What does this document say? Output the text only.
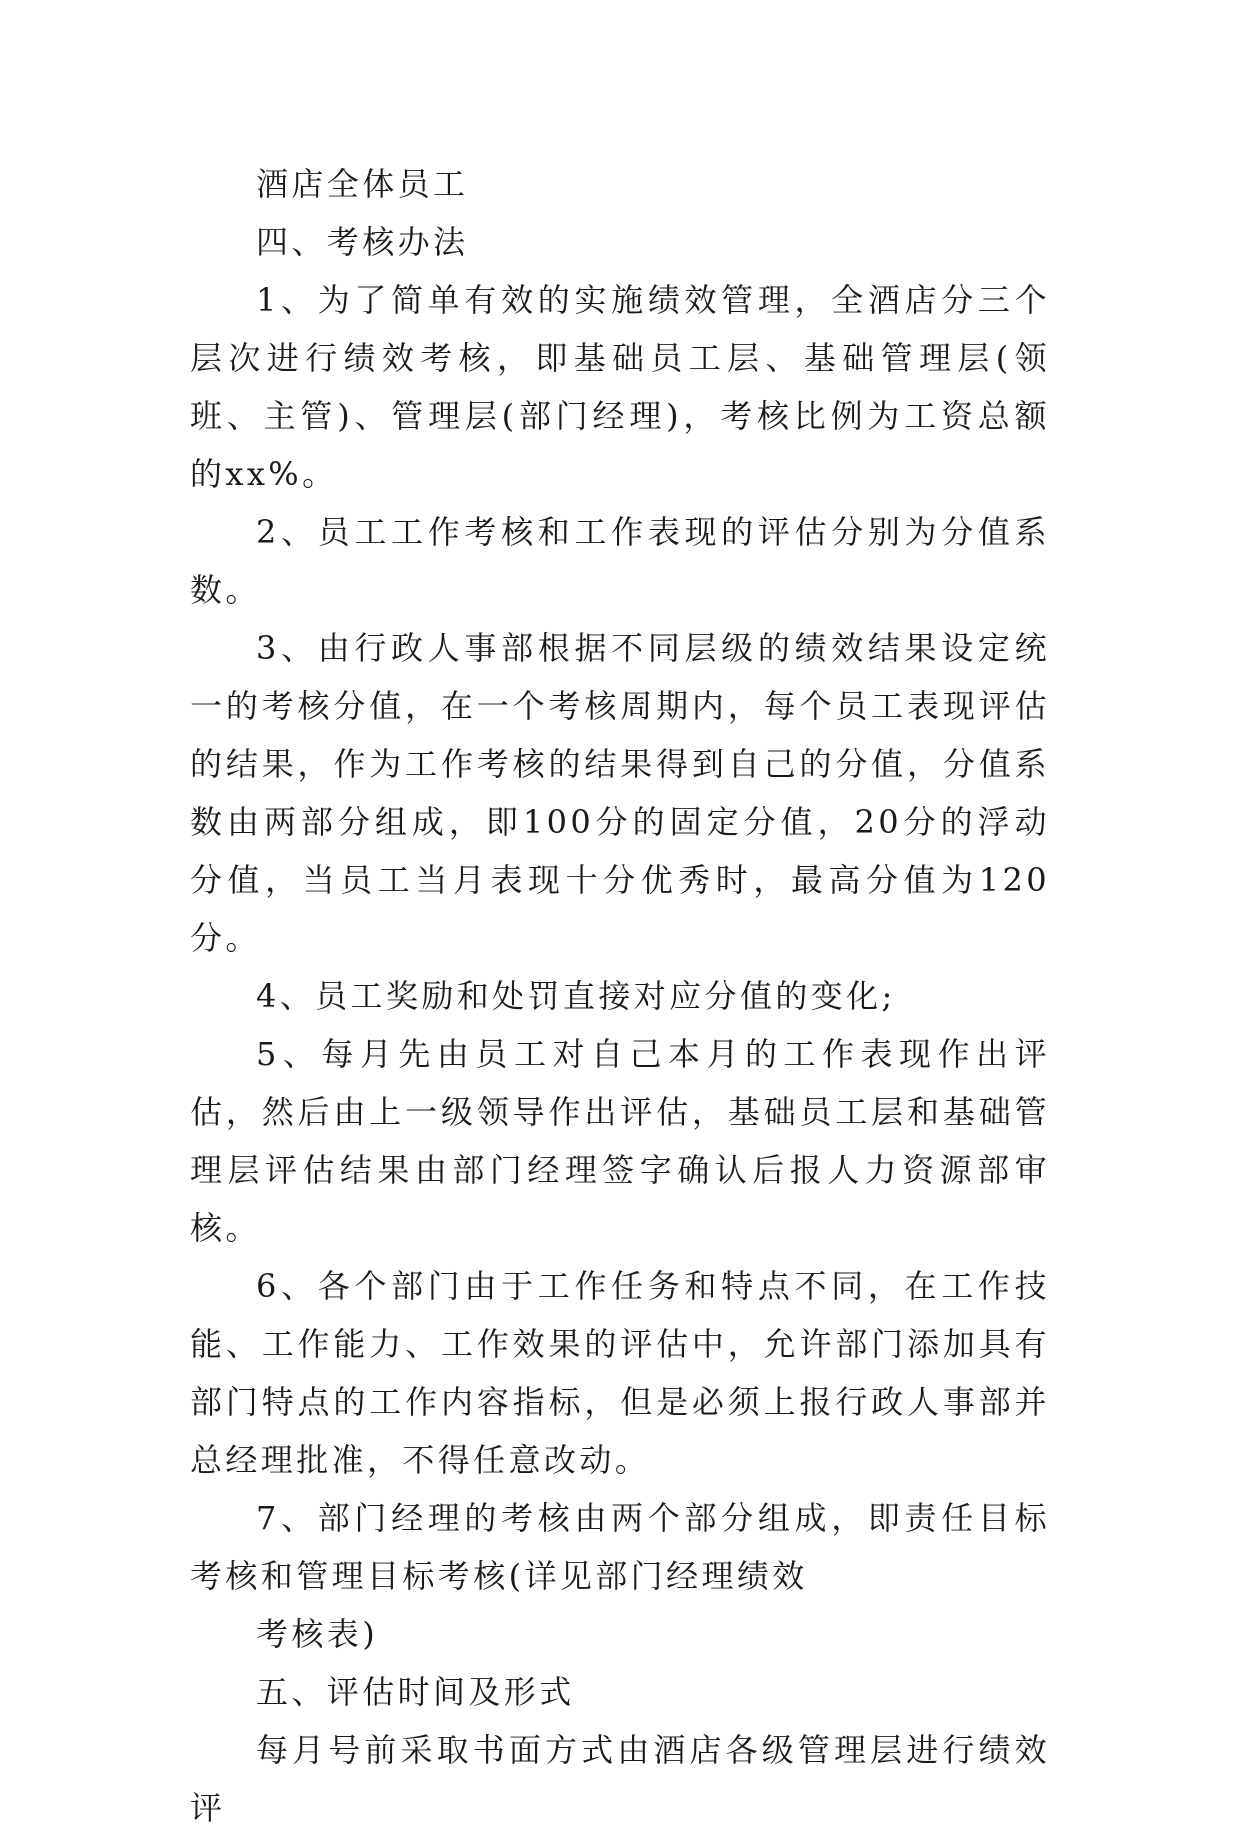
酒店全体员工

四、考核办法

1、为了简单有效的实施绩效管理，全酒店分三个层次进行绩效考核，即基础员工层、基础管理层(领班、主管)、管理层(部门经理)，考核比例为工资总额的xx%。

2、员工工作考核和工作表现的评估分别为分值系数。

3、由行政人事部根据不同层级的绩效结果设定统一的考核分值，在一个考核周期内，每个员工表现评估的结果，作为工作考核的结果得到自己的分值，分值系数由两部分组成，即100分的固定分值，20分的浮动分值，当员工当月表现十分优秀时，最高分值为120分。

4、员工奖励和处罚直接对应分值的变化;

5、每月先由员工对自己本月的工作表现作出评估，然后由上一级领导作出评估，基础员工层和基础管理层评估结果由部门经理签字确认后报人力资源部审核。

6、各个部门由于工作任务和特点不同，在工作技能、工作能力、工作效果的评估中，允许部门添加具有部门特点的工作内容指标，但是必须上报行政人事部并总经理批准，不得任意改动。

7、部门经理的考核由两个部分组成，即责任目标考核和管理目标考核(详见部门经理绩效

考核表)

五、评估时间及形式

每月号前采取书面方式由酒店各级管理层进行绩效评
